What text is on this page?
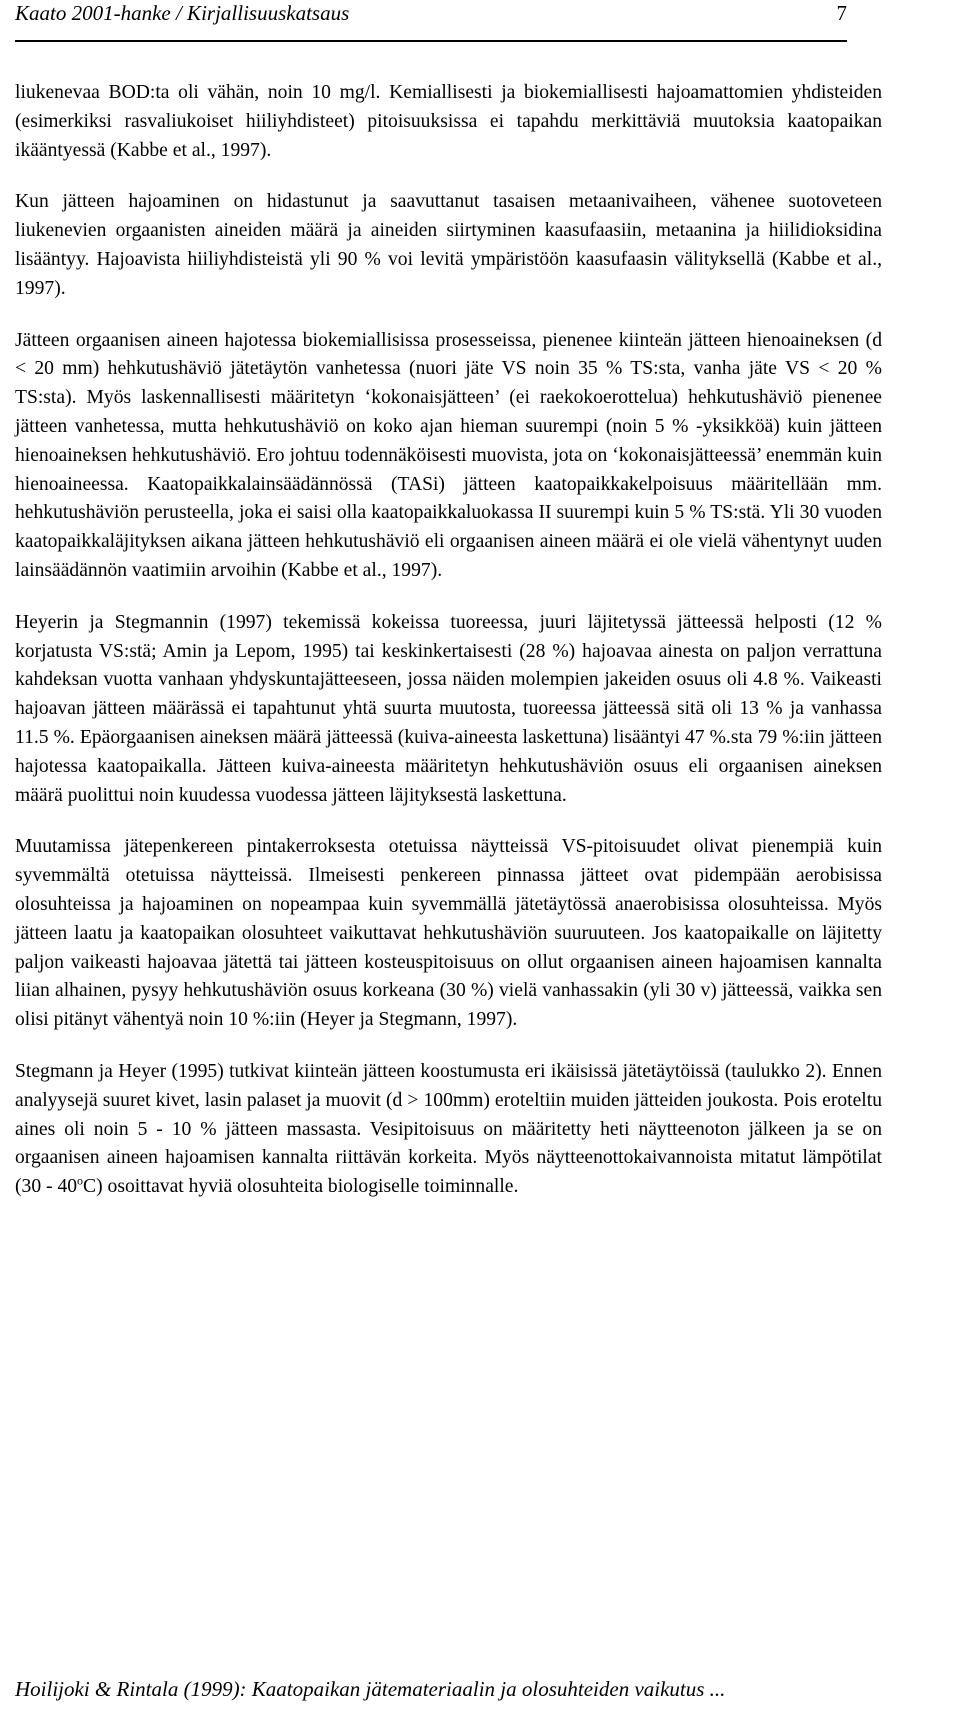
Kaato 2001-hanke / Kirjallisuuskatsaus	7

liukenevaa BOD:ta oli vähän, noin 10 mg/l. Kemiallisesti ja biokemiallisesti hajoamattomien yhdisteiden (esimerkiksi rasvaliukoiset hiiliyhdisteet) pitoisuuksissa ei tapahdu merkittäviä muutoksia kaatopaikan ikääntyessä (Kabbe et al., 1997).

Kun jätteen hajoaminen on hidastunut ja saavuttanut tasaisen metaanivaiheen, vähenee suotoveteen liukenevien orgaanisten aineiden määrä ja aineiden siirtyminen kaasufaasiin, metaanina ja hiilidioksidina lisääntyy. Hajoavista hiiliyhdisteistä yli 90 % voi levitä ympäristöön kaasufaasin välityksellä (Kabbe et al., 1997).

Jätteen orgaanisen aineen hajotessa biokemiallisissa prosesseissa, pienenee kiinteän jätteen hienoaineksen (d < 20 mm) hehkutushäviö jätetäytön vanhetessa (nuori jäte VS noin 35 % TS:sta, vanha jäte VS < 20 % TS:sta). Myös laskennallisesti määritetyn ‘kokonaisjätteen’ (ei raekokoerottelua) hehkutushäviö pienenee jätteen vanhetessa, mutta hehkutushäviö on koko ajan hieman suurempi (noin 5 % -yksikköä) kuin jätteen hienoaineksen hehkutushäviö. Ero johtuu todennäköisesti muovista, jota on ‘kokonaisjätteessä’ enemmän kuin hienoaineessa. Kaatopaikkalainsäädännössä (TASi) jätteen kaatopaikkakelpoisuus määritellään mm. hehkutushäviön perusteella, joka ei saisi olla kaatopaikkaluokassa II suurempi kuin 5 % TS:stä. Yli 30 vuoden kaatopaikkaläjityksen aikana jätteen hehkutushäviö eli orgaanisen aineen määrä ei ole vielä vähentynyt uuden lainsäädännön vaatimiin arvoihin (Kabbe et al., 1997).

Heyerin ja Stegmannin (1997) tekemissä kokeissa tuoreessa, juuri läjitetyssä jätteessä helposti (12 % korjatusta VS:stä; Amin ja Lepom, 1995) tai keskinkertaisesti (28 %) hajoavaa ainesta on paljon verrattuna kahdeksan vuotta vanhaan yhdyskuntajätteeseen, jossa näiden molempien jakeiden osuus oli 4.8 %. Vaikeasti hajoavan jätteen määrässä ei tapahtunut yhtä suurta muutosta, tuoreessa jätteessä sitä oli 13 % ja vanhassa 11.5 %. Epäorgaanisen aineksen määrä jätteessä (kuiva-aineesta laskettuna) lisääntyi 47 %.sta 79 %:iin jätteen hajotessa kaatopaikalla. Jätteen kuiva-aineesta määritetyn hehkutushäviön osuus eli orgaanisen aineksen määrä puolittui noin kuudessa vuodessa jätteen läjityksestä laskettuna.

Muutamissa jätepenkereen pintakerroksesta otetuissa näytteissä VS-pitoisuudet olivat pienempiä kuin syvemmältä otetuissa näytteissä. Ilmeisesti penkereen pinnassa jätteet ovat pidempään aerobisissa olosuhteissa ja hajoaminen on nopeampaa kuin syvemmällä jätetäytössä anaerobisissa olosuhteissa. Myös jätteen laatu ja kaatopaikan olosuhteet vaikuttavat hehkutushäviön suuruuteen. Jos kaatopaikalle on läjitetty paljon vaikeasti hajoavaa jätettä tai jätteen kosteuspitoisuus on ollut orgaanisen aineen hajoamisen kannalta liian alhainen, pysyy hehkutushäviön osuus korkeana (30 %) vielä vanhassakin (yli 30 v) jätteessä, vaikka sen olisi pitänyt vähentyä noin 10 %:iin (Heyer ja Stegmann, 1997).

Stegmann ja Heyer (1995) tutkivat kiinteän jätteen koostumusta eri ikäisissä jätetäytöissä (taulukko 2). Ennen analyysejä suuret kivet, lasin palaset ja muovit (d > 100mm) eroteltiin muiden jätteiden joukosta. Pois eroteltu aines oli noin 5 - 10 % jätteen massasta. Vesipitoisuus on määritetty heti näytteenoton jälkeen ja se on orgaanisen aineen hajoamisen kannalta riittävän korkeita. Myös näytteenottokaivannoista mitatut lämpötilat (30 - 40$^o$C) osoittavat hyviä olosuhteita biologiselle toiminnalle.

Hoilijoki & Rintala (1999): Kaatopaikan jätemateriaalin ja olosuhteiden vaikutus ...
